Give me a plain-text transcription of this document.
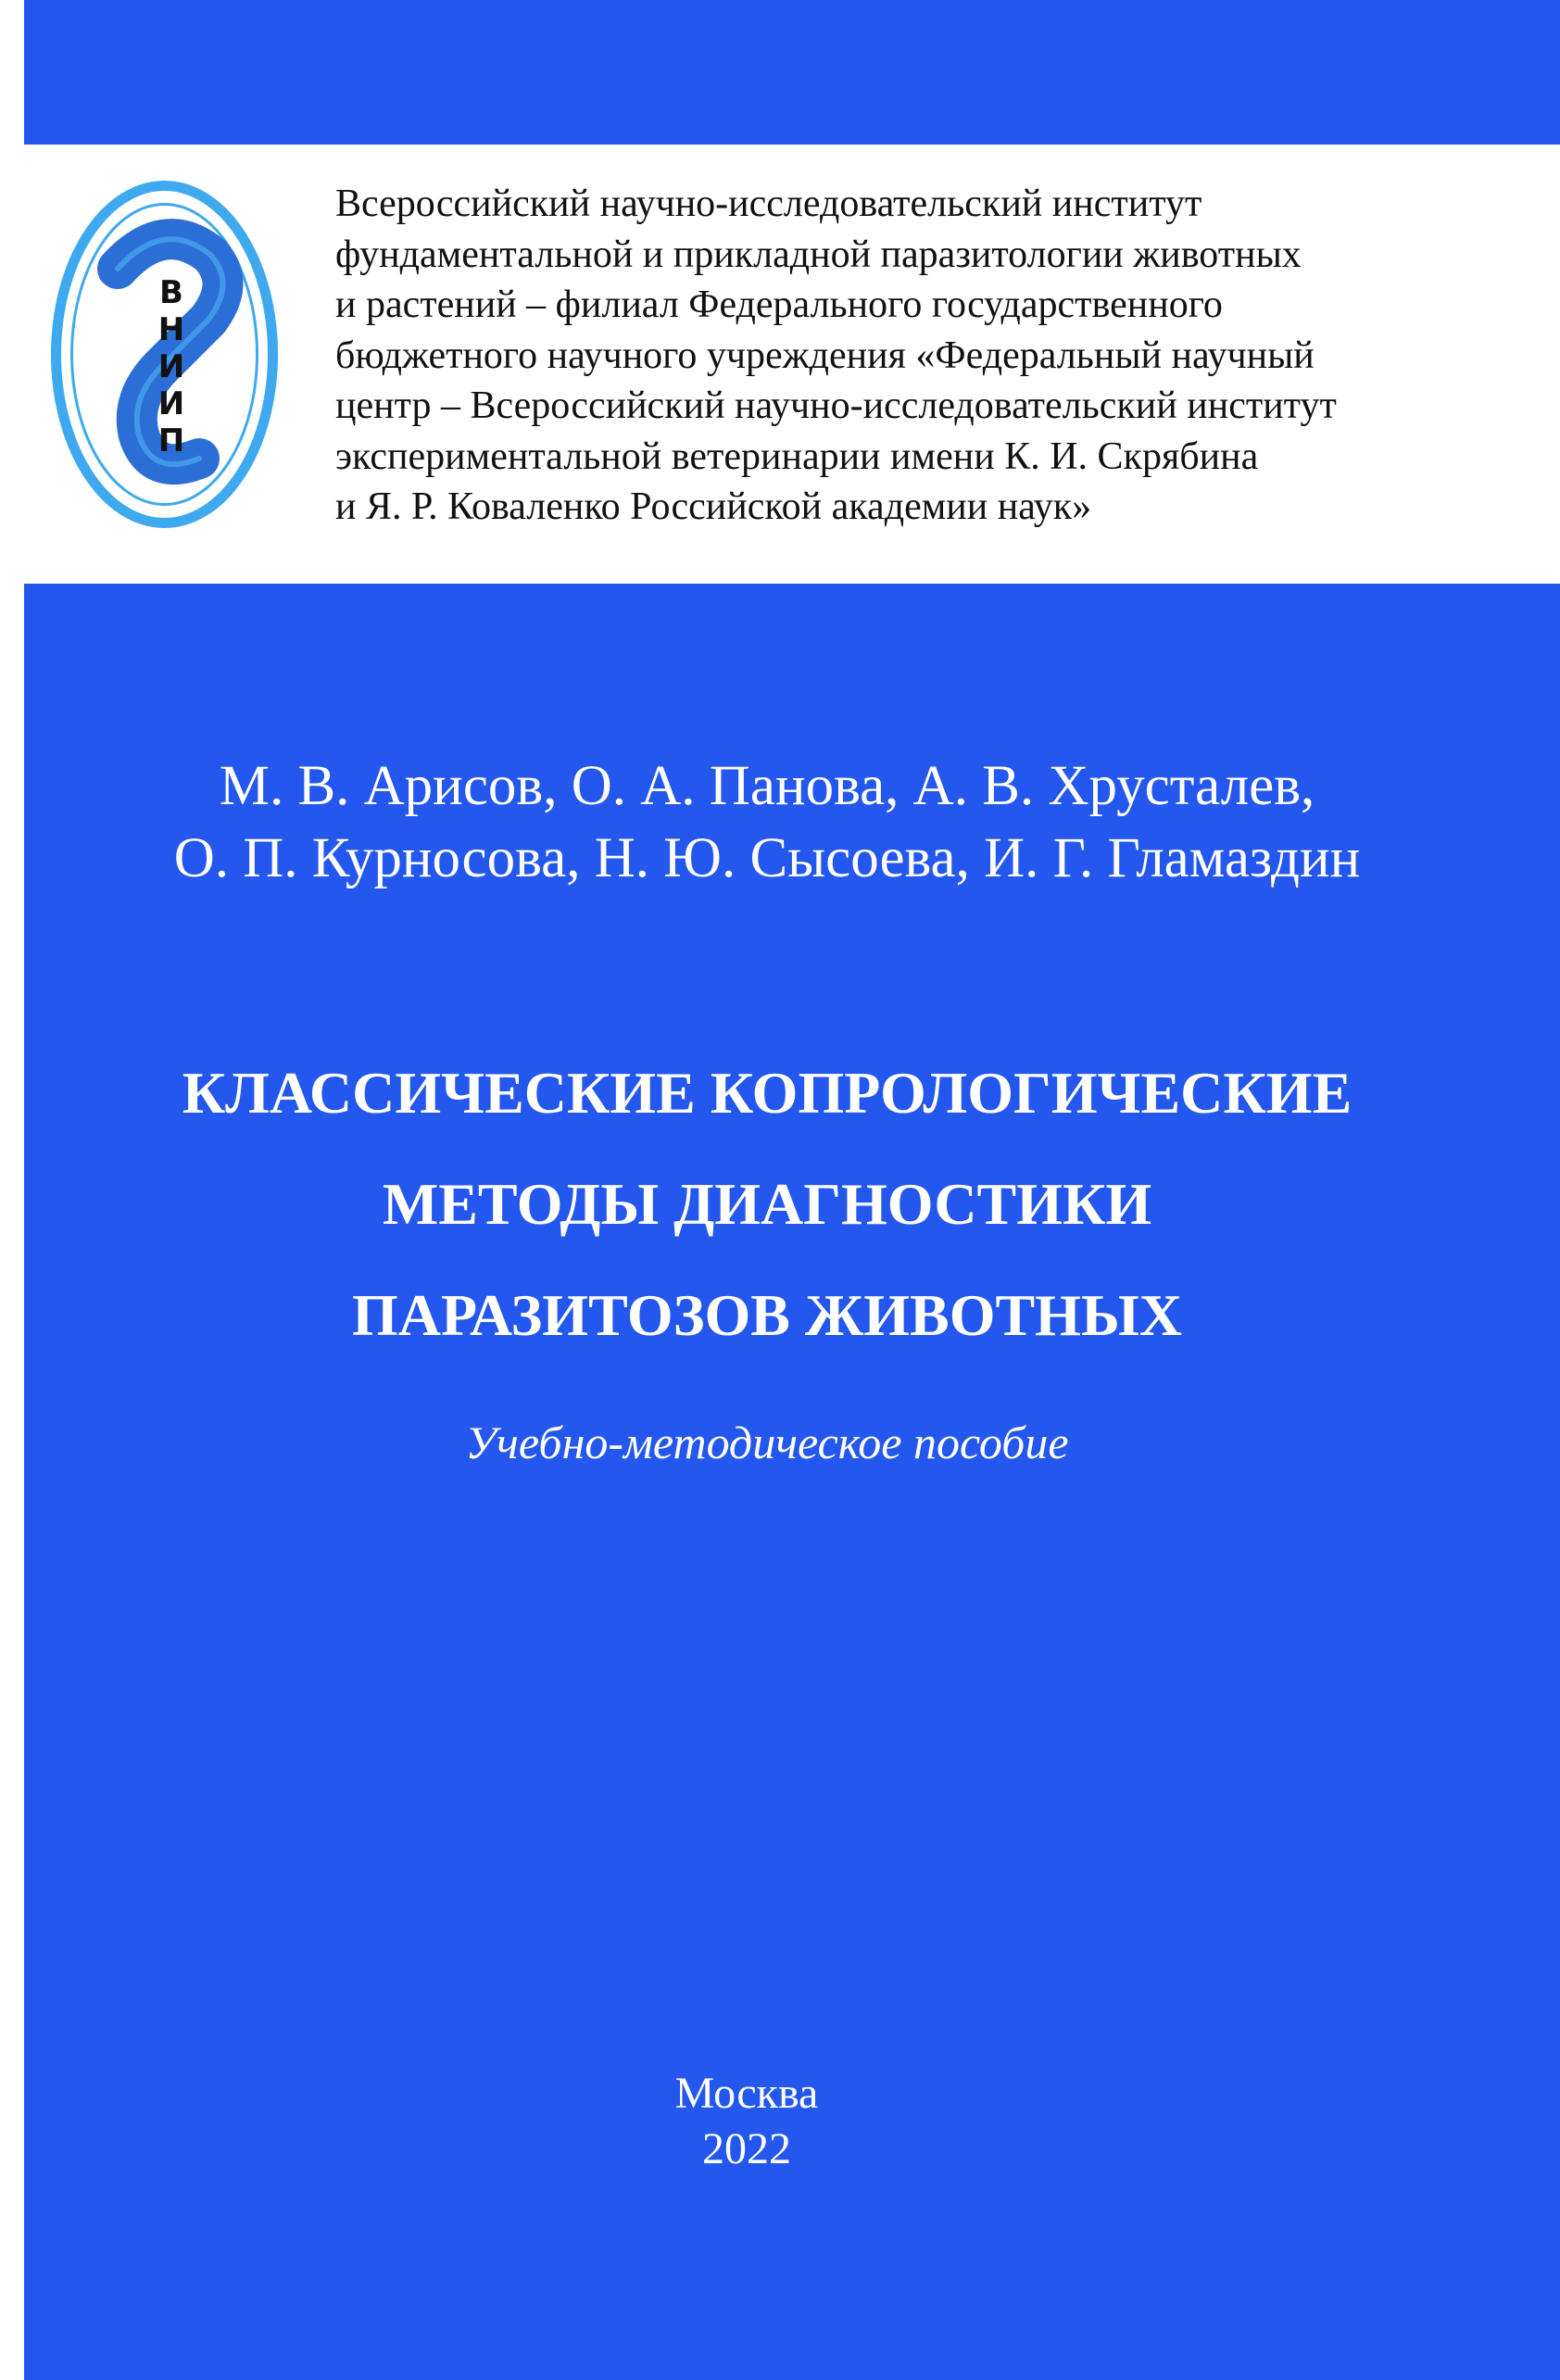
В
Н
И
И
П
Всероссийский научно-исследовательский институт
фундаментальной и прикладной паразитологии животных
и растений – филиал Федерального государственного
бюджетного научного учреждения «Федеральный научный
центр – Всероссийский научно-исследовательский институт
экспериментальной ветеринарии имени К. И. Скрябина
и Я. Р. Коваленко Российской академии наук»
М. В. Арисов, О. А. Панова, А. В. Хрусталев,
О. П. Курносова, Н. Ю. Сысоева, И. Г. Гламаздин
КЛАССИЧЕСКИЕ КОПРОЛОГИЧЕСКИЕ
МЕТОДЫ ДИАГНОСТИКИ
ПАРАЗИТОЗОВ ЖИВОТНЫХ
Учебно-методическое пособие
Москва
2022
